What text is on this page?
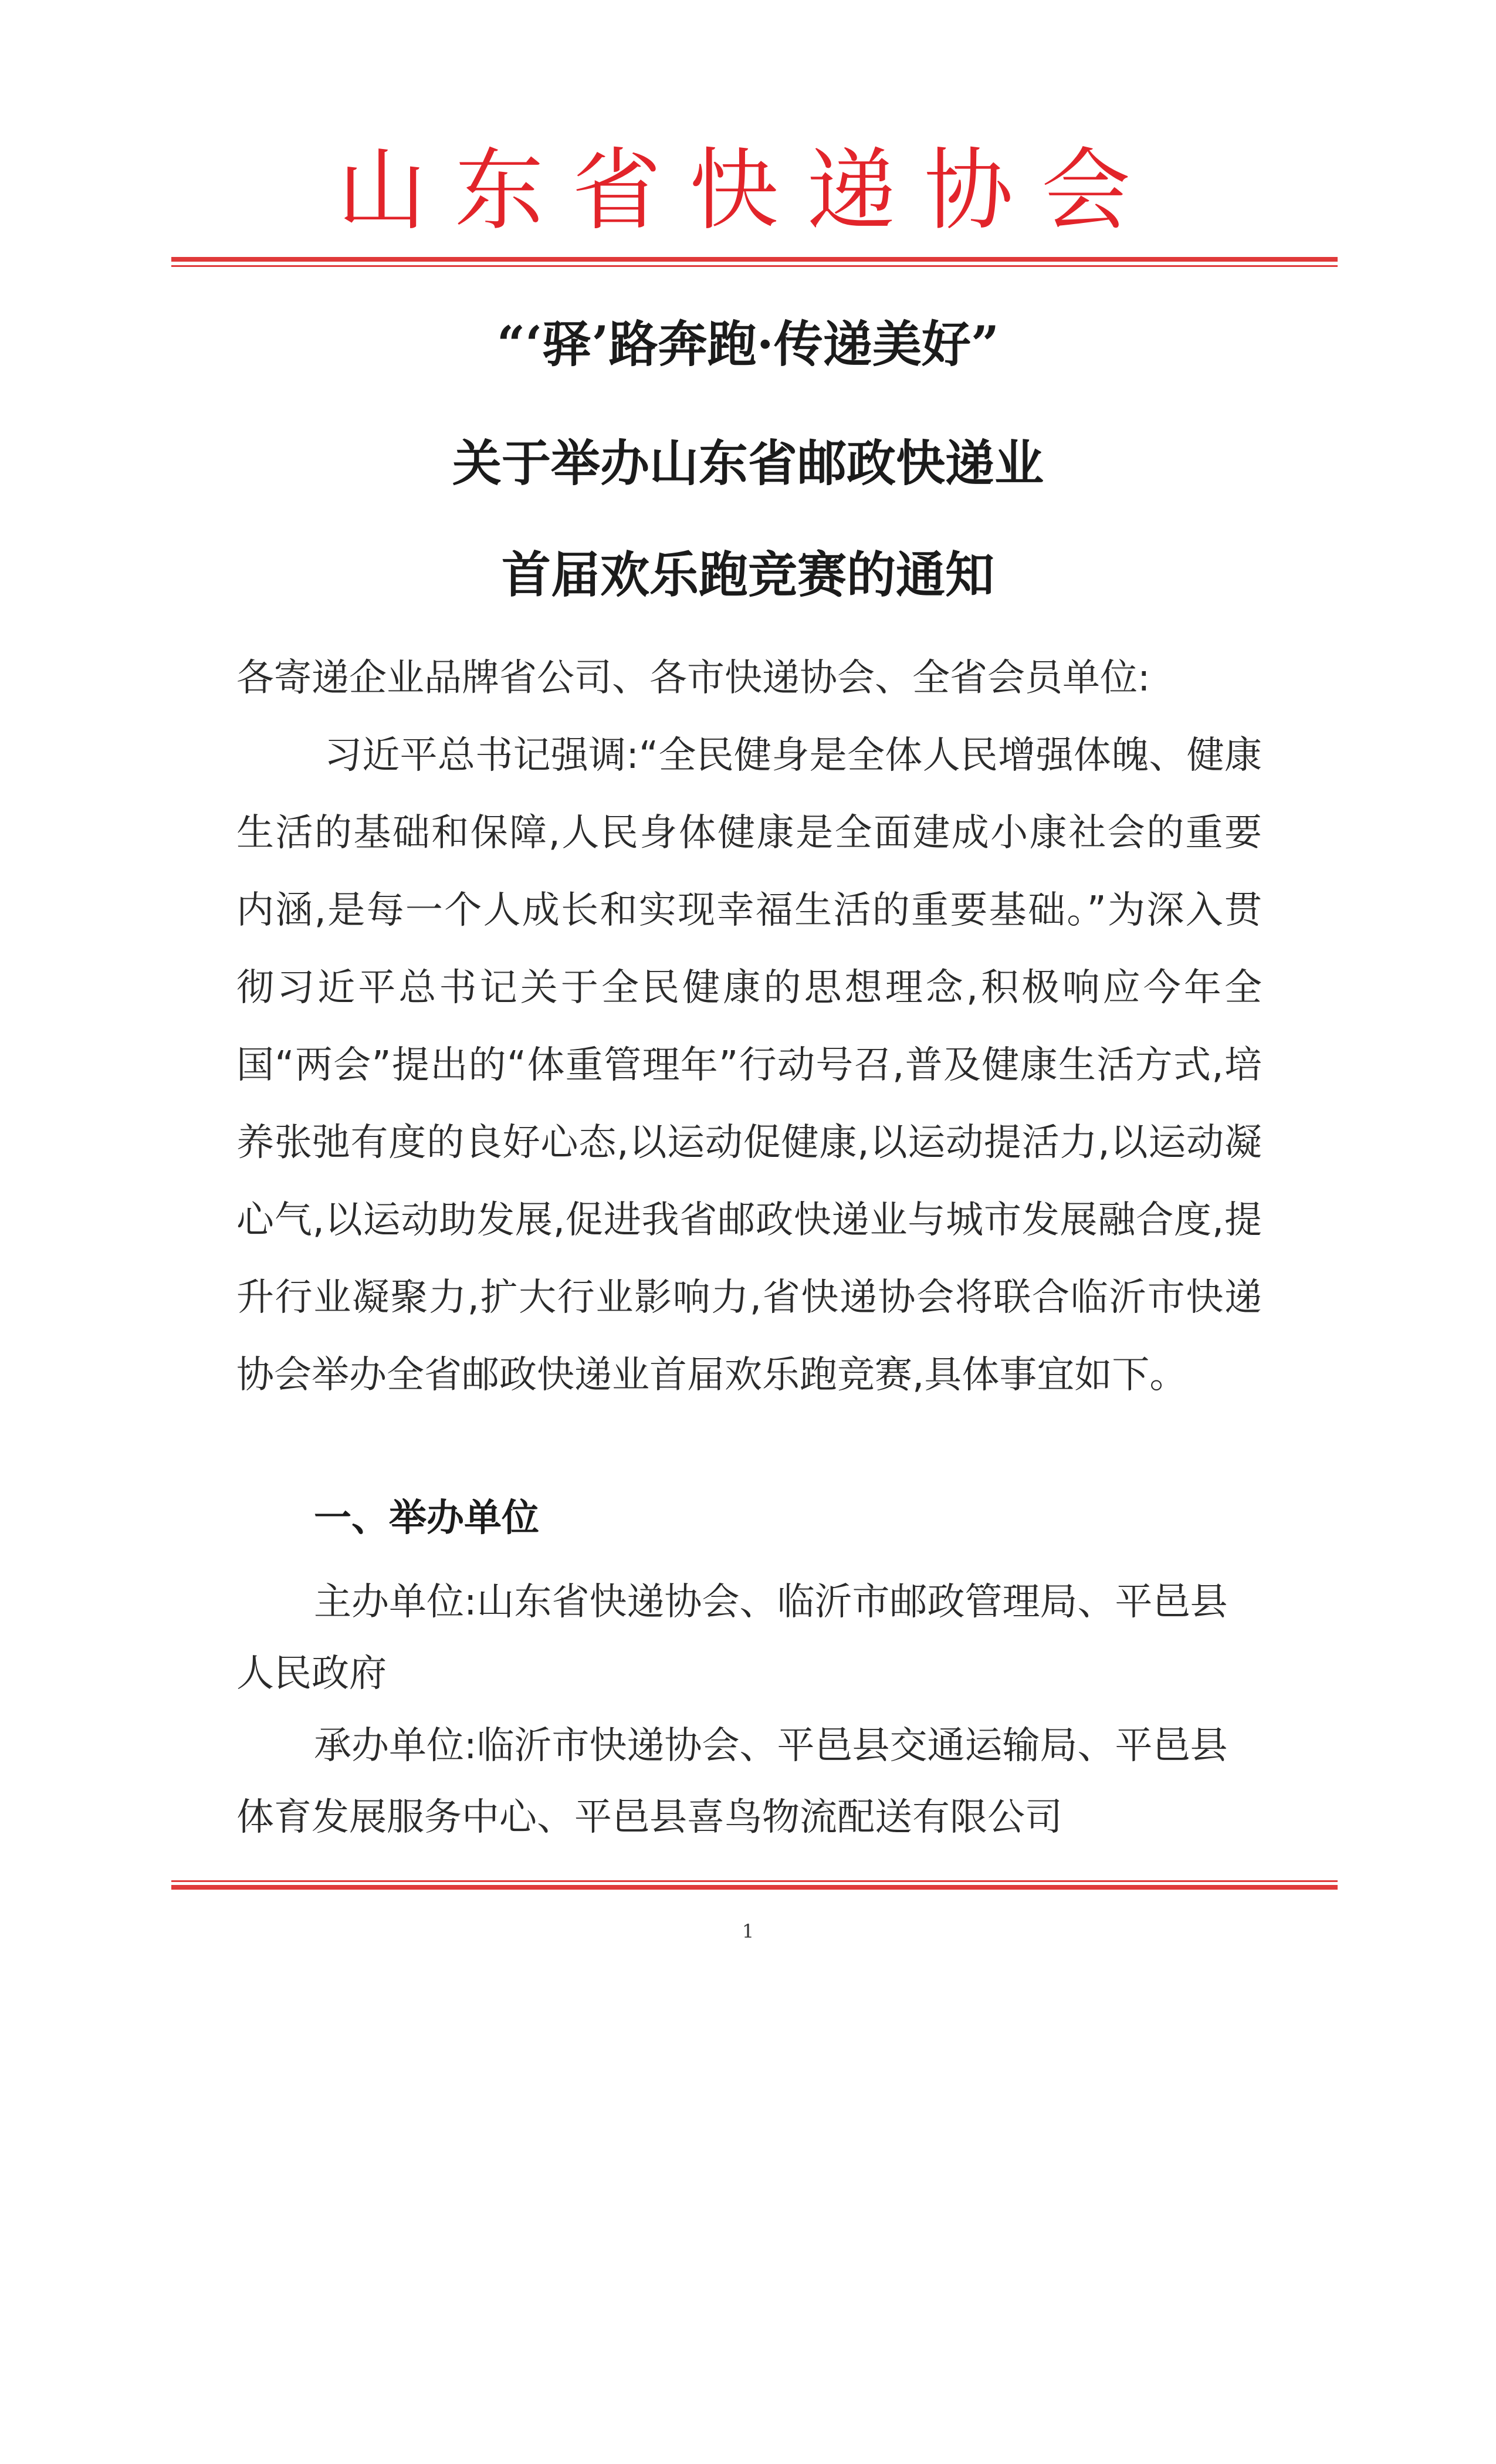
山东省快递协会
“‘驿’路奔跑·传递美好”
关于举办山东省邮政快递业
首届欢乐跑竞赛的通知
各寄递企业品牌省公司、各市快递协会、全省会员单位:
习近平总书记强调:“全民健身是全体人民增强体魄、健康生活的基础和保障,人民身体健康是全面建成小康社会的重要内涵,是每一个人成长和实现幸福生活的重要基础。”为深入贯彻习近平总书记关于全民健康的思想理念,积极响应今年全国“两会”提出的“体重管理年”行动号召,普及健康生活方式,培养张弛有度的良好心态,以运动促健康,以运动提活力,以运动凝心气,以运动助发展,促进我省邮政快递业与城市发展融合度,提升行业凝聚力,扩大行业影响力,省快递协会将联合临沂市快递协会举办全省邮政快递业首届欢乐跑竞赛,具体事宜如下。
一、举办单位
主办单位:山东省快递协会、临沂市邮政管理局、平邑县人民政府
承办单位:临沂市快递协会、平邑县交通运输局、平邑县体育发展服务中心、平邑县喜鸟物流配送有限公司
1
